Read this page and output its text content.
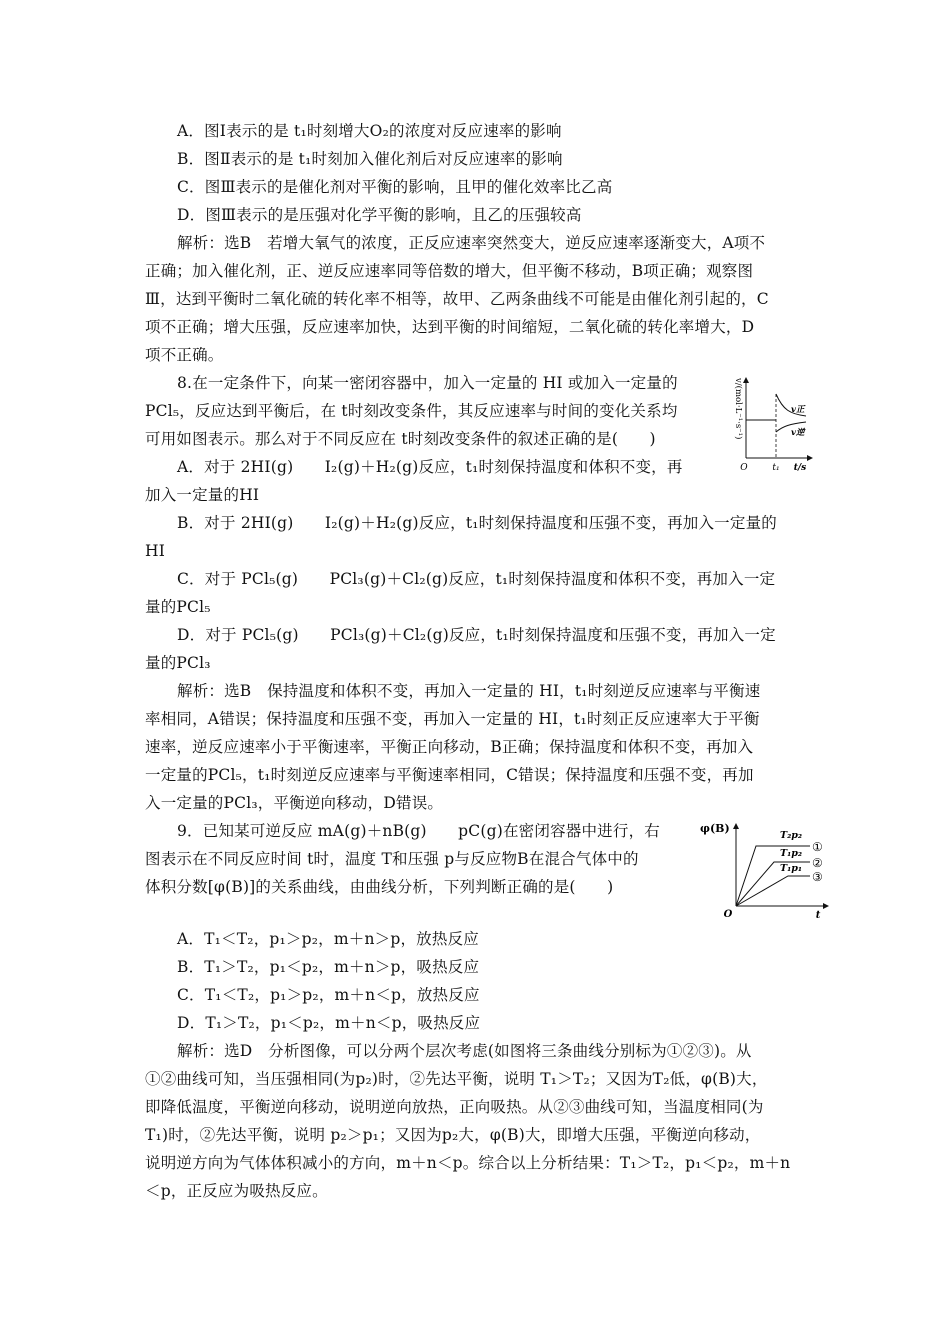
A．图Ⅰ表示的是 t₁时刻增大O₂的浓度对反应速率的影响
B．图Ⅱ表示的是 t₁时刻加入催化剂后对反应速率的影响
C．图Ⅲ表示的是催化剂对平衡的影响，且甲的催化效率比乙高
D．图Ⅲ表示的是压强对化学平衡的影响，且乙的压强较高
解析：选B　若增大氧气的浓度，正反应速率突然变大，逆反应速率逐渐变大，A项不
正确；加入催化剂，正、逆反应速率同等倍数的增大，但平衡不移动，B项正确；观察图
Ⅲ，达到平衡时二氧化硫的转化率不相等，故甲、乙两条曲线不可能是由催化剂引起的，C
项不正确；增大压强，反应速率加快，达到平衡的时间缩短，二氧化硫的转化率增大，D
项不正确。
8.在一定条件下，向某一密闭容器中，加入一定量的 HI 或加入一定量的
PCl₅，反应达到平衡后，在 t时刻改变条件，其反应速率与时间的变化关系均
可用如图表示。那么对于不同反应在 t时刻改变条件的叙述正确的是(　　)
A．对于 2HI(g)　　I₂(g)＋H₂(g)反应，t₁时刻保持温度和体积不变，再
加入一定量的HI
B．对于 2HI(g)　　I₂(g)＋H₂(g)反应，t₁时刻保持温度和压强不变，再加入一定量的
HI
C．对于 PCl₅(g)　　PCl₃(g)＋Cl₂(g)反应，t₁时刻保持温度和体积不变，再加入一定
量的PCl₅
D．对于 PCl₅(g)　　PCl₃(g)＋Cl₂(g)反应，t₁时刻保持温度和压强不变，再加入一定
量的PCl₃
解析：选B　保持温度和体积不变，再加入一定量的 HI，t₁时刻逆反应速率与平衡速
率相同，A错误；保持温度和压强不变，再加入一定量的 HI，t₁时刻正反应速率大于平衡
速率，逆反应速率小于平衡速率，平衡正向移动，B正确；保持温度和体积不变，再加入
一定量的PCl₅，t₁时刻逆反应速率与平衡速率相同，C错误；保持温度和压强不变，再加
入一定量的PCl₃，平衡逆向移动，D错误。
9．已知某可逆反应 mA(g)＋nB(g)　　pC(g)在密闭容器中进行，右
图表示在不同反应时间 t时，温度 T和压强 p与反应物B在混合气体中的
体积分数[φ(B)]的关系曲线，由曲线分析，下列判断正确的是(　　)
A．T₁＜T₂，p₁＞p₂，m＋n＞p，放热反应
B．T₁＞T₂，p₁＜p₂，m＋n＞p，吸热反应
C．T₁＜T₂，p₁＞p₂，m＋n＜p，放热反应
D．T₁＞T₂，p₁＜p₂，m＋n＜p，吸热反应
解析：选D　分析图像，可以分两个层次考虑(如图将三条曲线分别标为①②③)。从
①②曲线可知，当压强相同(为p₂)时，②先达平衡，说明 T₁＞T₂；又因为T₂低，φ(B)大，
即降低温度，平衡逆向移动，说明逆向放热，正向吸热。从②③曲线可知，当温度相同(为
T₁)时，②先达平衡，说明 p₂＞p₁；又因为p₂大，φ(B)大，即增大压强，平衡逆向移动，
说明逆方向为气体体积减小的方向，m＋n＜p。综合以上分析结果：T₁＞T₂，p₁＜p₂，m＋n
＜p，正反应为吸热反应。
v正
v逆
v/(mol·L⁻¹·s⁻¹)
O	t₁ t/s
φ(B)
T₂p₂
T₁p₂
T₁p₁
①
②
③
O	t
